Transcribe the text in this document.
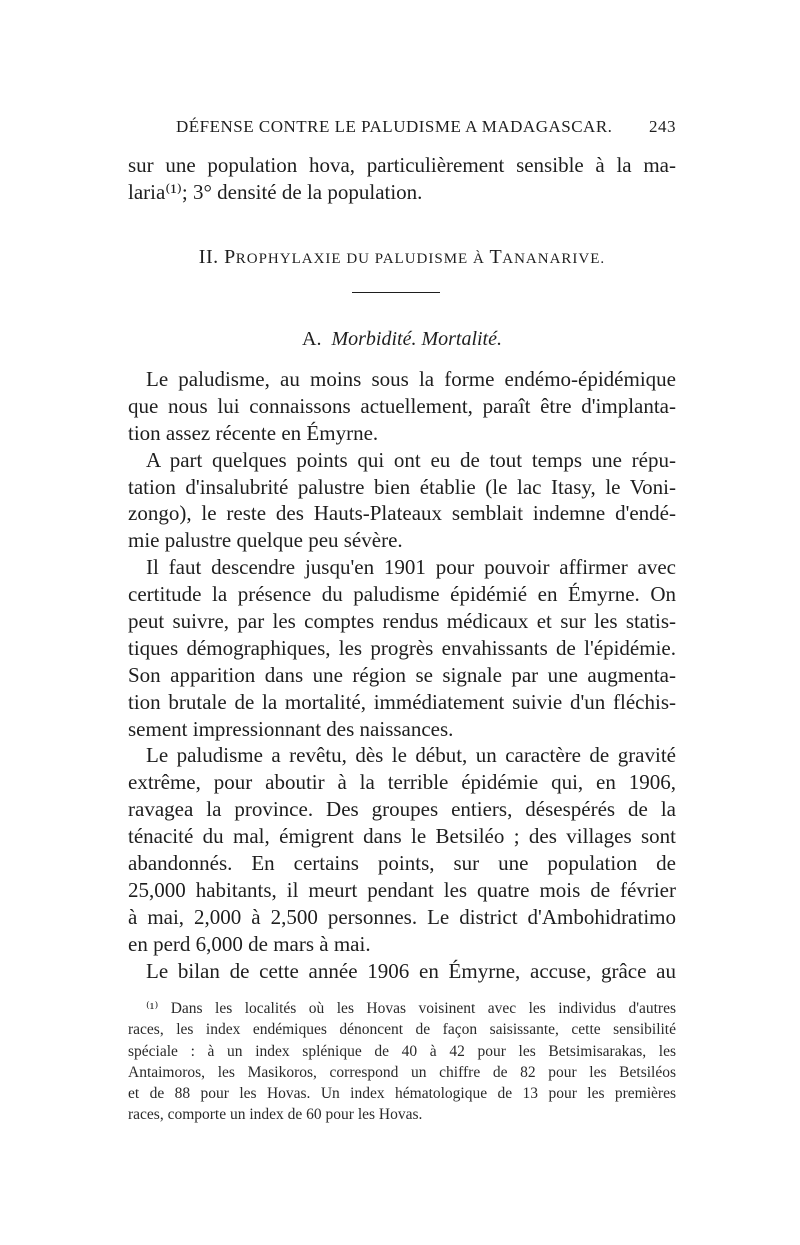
DÉFENSE CONTRE LE PALUDISME A MADAGASCAR. 243
sur une population hova, particulièrement sensible à la ma-
laria⁽¹⁾; 3° densité de la population.
II. PROPHYLAXIE DU PALUDISME À TANANARIVE.
A. Morbidité. Mortalité.
Le paludisme, au moins sous la forme endémo-épidémique
que nous lui connaissons actuellement, paraît être d'implanta-
tion assez récente en Émyrne.
A part quelques points qui ont eu de tout temps une répu-
tation d'insalubrité palustre bien établie (le lac Itasy, le Voni-
zongo), le reste des Hauts-Plateaux semblait indemne d'endé-
mie palustre quelque peu sévère.
Il faut descendre jusqu'en 1901 pour pouvoir affirmer avec
certitude la présence du paludisme épidémié en Émyrne. On
peut suivre, par les comptes rendus médicaux et sur les statis-
tiques démographiques, les progrès envahissants de l'épidémie.
Son apparition dans une région se signale par une augmenta-
tion brutale de la mortalité, immédiatement suivie d'un fléchis-
sement impressionnant des naissances.
Le paludisme a revêtu, dès le début, un caractère de gravité
extrême, pour aboutir à la terrible épidémie qui, en 1906,
ravagea la province. Des groupes entiers, désespérés de la
ténacité du mal, émigrent dans le Betsiléo ; des villages sont
abandonnés. En certains points, sur une population de
25,000 habitants, il meurt pendant les quatre mois de février
à mai, 2,000 à 2,500 personnes. Le district d'Ambohidratimo
en perd 6,000 de mars à mai.
Le bilan de cette année 1906 en Émyrne, accuse, grâce au
⁽¹⁾ Dans les localités où les Hovas voisinent avec les individus d'autres
races, les index endémiques dénoncent de façon saisissante, cette sensibilité
spéciale : à un index splénique de 40 à 42 pour les Betsimisarakas, les
Antaimoros, les Masikoros, correspond un chiffre de 82 pour les Betsiléos
et de 88 pour les Hovas. Un index hématologique de 13 pour les premières
races, comporte un index de 60 pour les Hovas.
